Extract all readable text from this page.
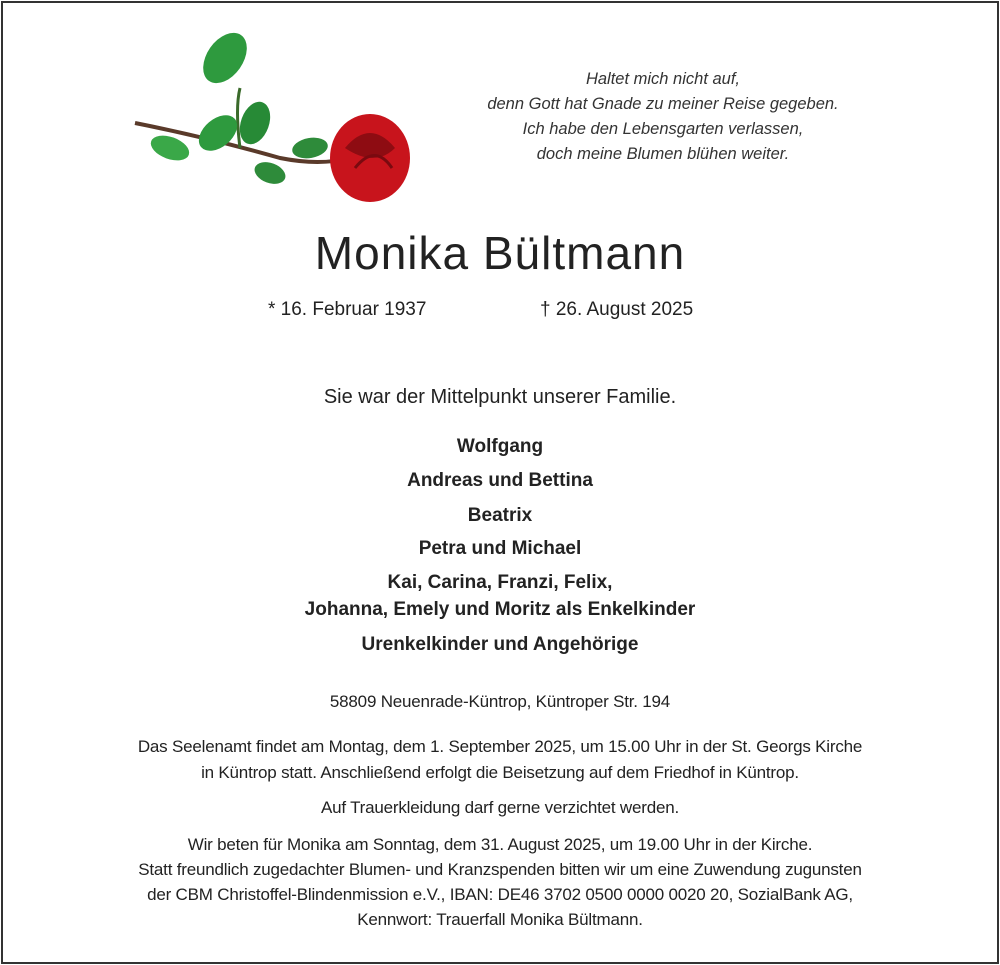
Haltet mich nicht auf,
denn Gott hat Gnade zu meiner Reise gegeben.
Ich habe den Lebensgarten verlassen,
doch meine Blumen blühen weiter.
Monika Bültmann
* 16. Februar 1937	† 26. August 2025
Sie war der Mittelpunkt unserer Familie.
Wolfgang
Andreas und Bettina
Beatrix
Petra und Michael
Kai, Carina, Franzi, Felix,
Johanna, Emely und Moritz als Enkelkinder
Urenkelkinder und Angehörige
58809 Neuenrade-Küntrop, Küntroper Str. 194
Das Seelenamt findet am Montag, dem 1. September 2025, um 15.00 Uhr in der St. Georgs Kirche
in Küntrop statt. Anschließend erfolgt die Beisetzung auf dem Friedhof in Küntrop.
Auf Trauerkleidung darf gerne verzichtet werden.
Wir beten für Monika am Sonntag, dem 31. August 2025, um 19.00 Uhr in der Kirche.
Statt freundlich zugedachter Blumen- und Kranzspenden bitten wir um eine Zuwendung zugunsten
der CBM Christoffel-Blindenmission e.V., IBAN: DE46 3702 0500 0000 0020 20, SozialBank AG,
Kennwort: Trauerfall Monika Bültmann.
